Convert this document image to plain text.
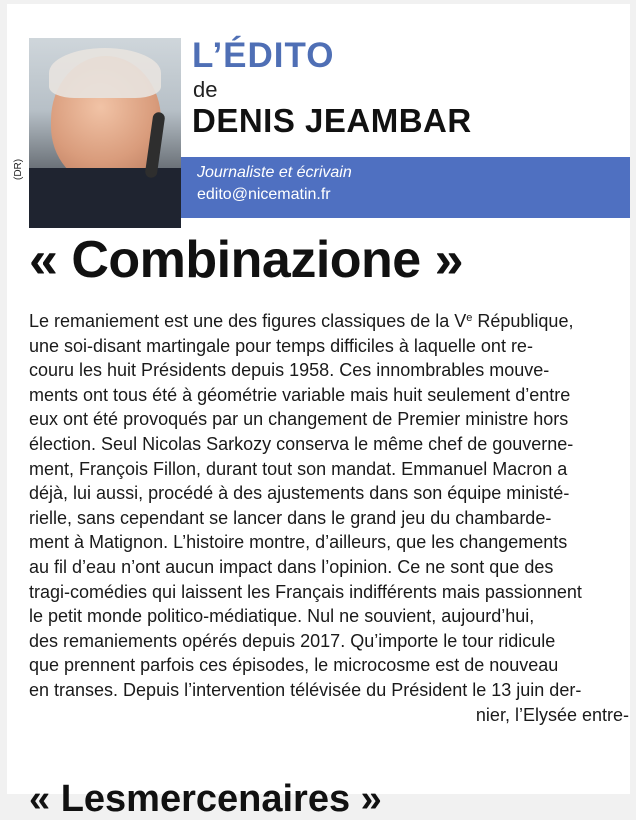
(DR)
L’ÉDITO
de
DENIS JEAMBAR
Journaliste et écrivain
edito@nicematin.fr
« Combinazione »
Le remaniement est une des figures classiques de la Ve République,
une soi-disant martingale pour temps difficiles à laquelle ont re-
couru les huit Présidents depuis 1958. Ces innombrables mouve-
ments ont tous été à géométrie variable mais huit seulement d’entre
eux ont été provoqués par un changement de Premier ministre hors
élection. Seul Nicolas Sarkozy conserva le même chef de gouverne-
ment, François Fillon, durant tout son mandat. Emmanuel Macron a
déjà, lui aussi, procédé à des ajustements dans son équipe ministé-
rielle, sans cependant se lancer dans le grand jeu du chambarde-
ment à Matignon. L’histoire montre, d’ailleurs, que les changements
au fil d’eau n’ont aucun impact dans l’opinion. Ce ne sont que des
tragi-comédies qui laissent les Français indifférents mais passionnent
le petit monde politico-médiatique. Nul ne souvient, aujourd’hui,
des remaniements opérés depuis 2017. Qu’importe le tour ridicule
que prennent parfois ces épisodes, le microcosme est de nouveau
en transes. Depuis l’intervention télévisée du Président le 13 juin der-
nier, l’Elysée entre-
« Lesmercenaires »
